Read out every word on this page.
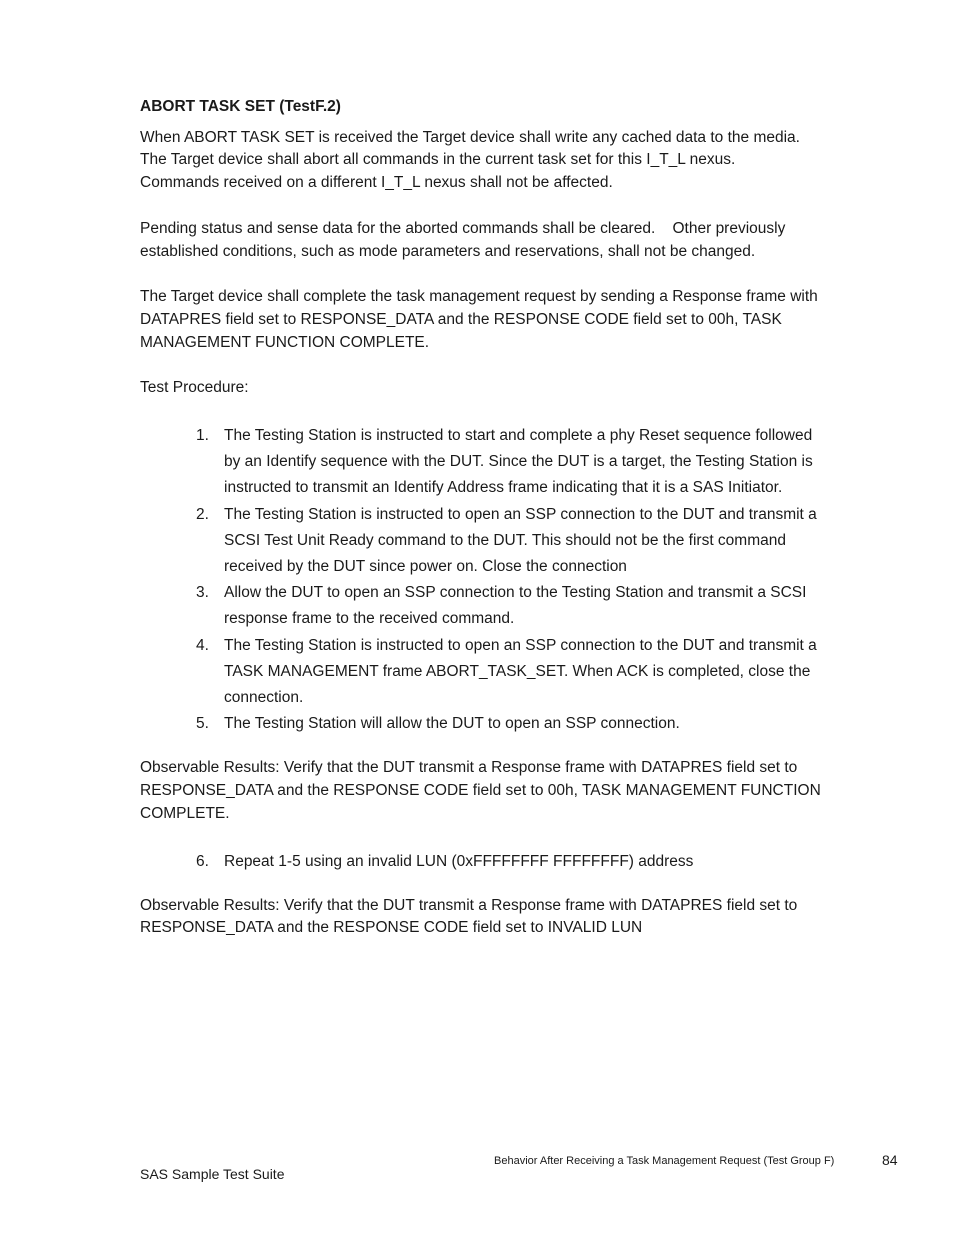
ABORT TASK SET (TestF.2)

When ABORT TASK SET is received the Target device shall write any cached data to the media.
The Target device shall abort all commands in the current task set for this I_T_L nexus.
Commands received on a different I_T_L nexus shall not be affected.

Pending status and sense data for the aborted commands shall be cleared.    Other previously
established conditions, such as mode parameters and reservations, shall not be changed.

The Target device shall complete the task management request by sending a Response frame with
DATAPRES field set to RESPONSE_DATA and the RESPONSE CODE field set to 00h, TASK
MANAGEMENT FUNCTION COMPLETE.

Test Procedure:

1. The Testing Station is instructed to start and complete a phy Reset sequence followed
by an Identify sequence with the DUT. Since the DUT is a target, the Testing Station is
instructed to transmit an Identify Address frame indicating that it is a SAS Initiator.
2. The Testing Station is instructed to open an SSP connection to the DUT and transmit a
SCSI Test Unit Ready command to the DUT. This should not be the first command
received by the DUT since power on. Close the connection
3. Allow the DUT to open an SSP connection to the Testing Station and transmit a SCSI
response frame to the received command.
4. The Testing Station is instructed to open an SSP connection to the DUT and transmit a
TASK MANAGEMENT frame ABORT_TASK_SET. When ACK is completed, close the
connection.
5. The Testing Station will allow the DUT to open an SSP connection.

Observable Results: Verify that the DUT transmit a Response frame with DATAPRES field set to
RESPONSE_DATA and the RESPONSE CODE field set to 00h, TASK MANAGEMENT FUNCTION
COMPLETE.

6. Repeat 1-5 using an invalid LUN (0xFFFFFFFF FFFFFFFF) address

Observable Results: Verify that the DUT transmit a Response frame with DATAPRES field set to
RESPONSE_DATA and the RESPONSE CODE field set to INVALID LUN

Behavior After Receiving a Task Management Request (Test Group F)	84
SAS Sample Test Suite
